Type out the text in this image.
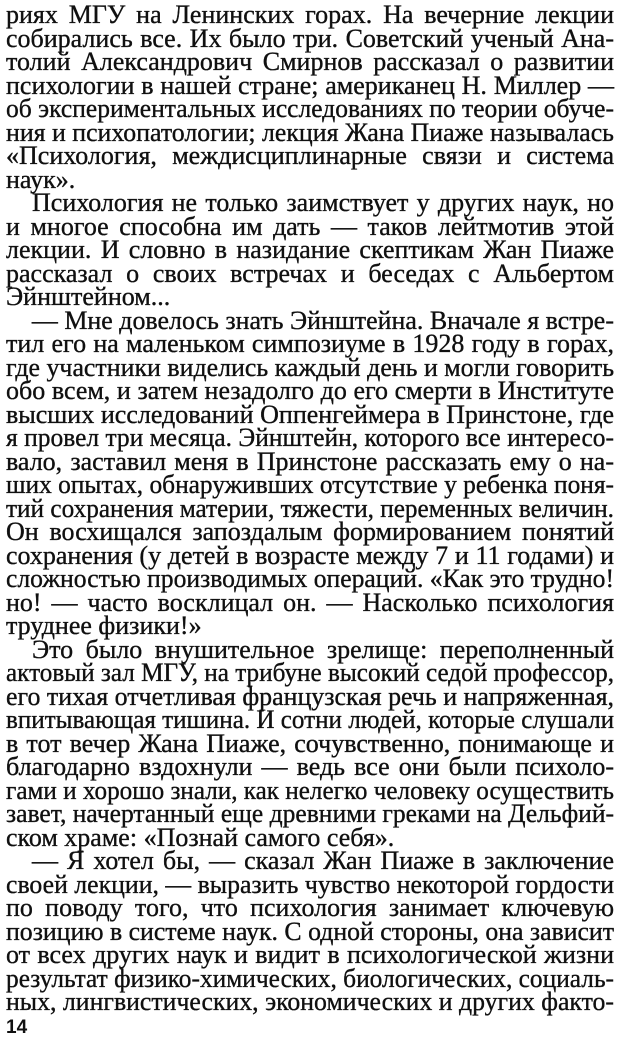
риях МГУ на Ленинских горах. На вечерние лекции
собирались все. Их было три. Советский ученый Ана-
толий Александрович Смирнов рассказал о развитии
психологии в нашей стране; американец Н. Миллер —
об экспериментальных исследованиях по теории обуче-
ния и психопатологии; лекция Жана Пиаже называлась
«Психология, междисциплинарные связи и система
наук».
Психология не только заимствует у других наук, но
и многое способна им дать — таков лейтмотив этой
лекции. И словно в назидание скептикам Жан Пиаже
рассказал о своих встречах и беседах с Альбертом
Эйнштейном...
— Мне довелось знать Эйнштейна. Вначале я встре-
тил его на маленьком симпозиуме в 1928 году в горах,
где участники виделись каждый день и могли говорить
обо всем, и затем незадолго до его смерти в Институте
высших исследований Оппенгеймера в Принстоне, где
я провел три месяца. Эйнштейн, которого все интересо-
вало, заставил меня в Принстоне рассказать ему о на-
ших опытах, обнаруживших отсутствие у ребенка поня-
тий сохранения материи, тяжести, переменных величин.
Он восхищался запоздалым формированием понятий
сохранения (у детей в возрасте между 7 и 11 годами) и
сложностью производимых операций. «Как это трудно!
но! — часто восклицал он. — Насколько психология
труднее физики!»
Это было внушительное зрелище: переполненный
актовый зал МГУ, на трибуне высокий седой профессор,
его тихая отчетливая французская речь и напряженная,
впитывающая тишина. И сотни людей, которые слушали
в тот вечер Жана Пиаже, сочувственно, понимающе и
благодарно вздохнули — ведь все они были психоло-
гами и хорошо знали, как нелегко человеку осуществить
завет, начертанный еще древними греками на Дельфий-
ском храме: «Познай самого себя».
— Я хотел бы, — сказал Жан Пиаже в заключение
своей лекции, — выразить чувство некоторой гордости
по поводу того, что психология занимает ключевую
позицию в системе наук. С одной стороны, она зависит
от всех других наук и видит в психологической жизни
результат физико-химических, биологических, социаль-
ных, лингвистических, экономических и других факто-
14
